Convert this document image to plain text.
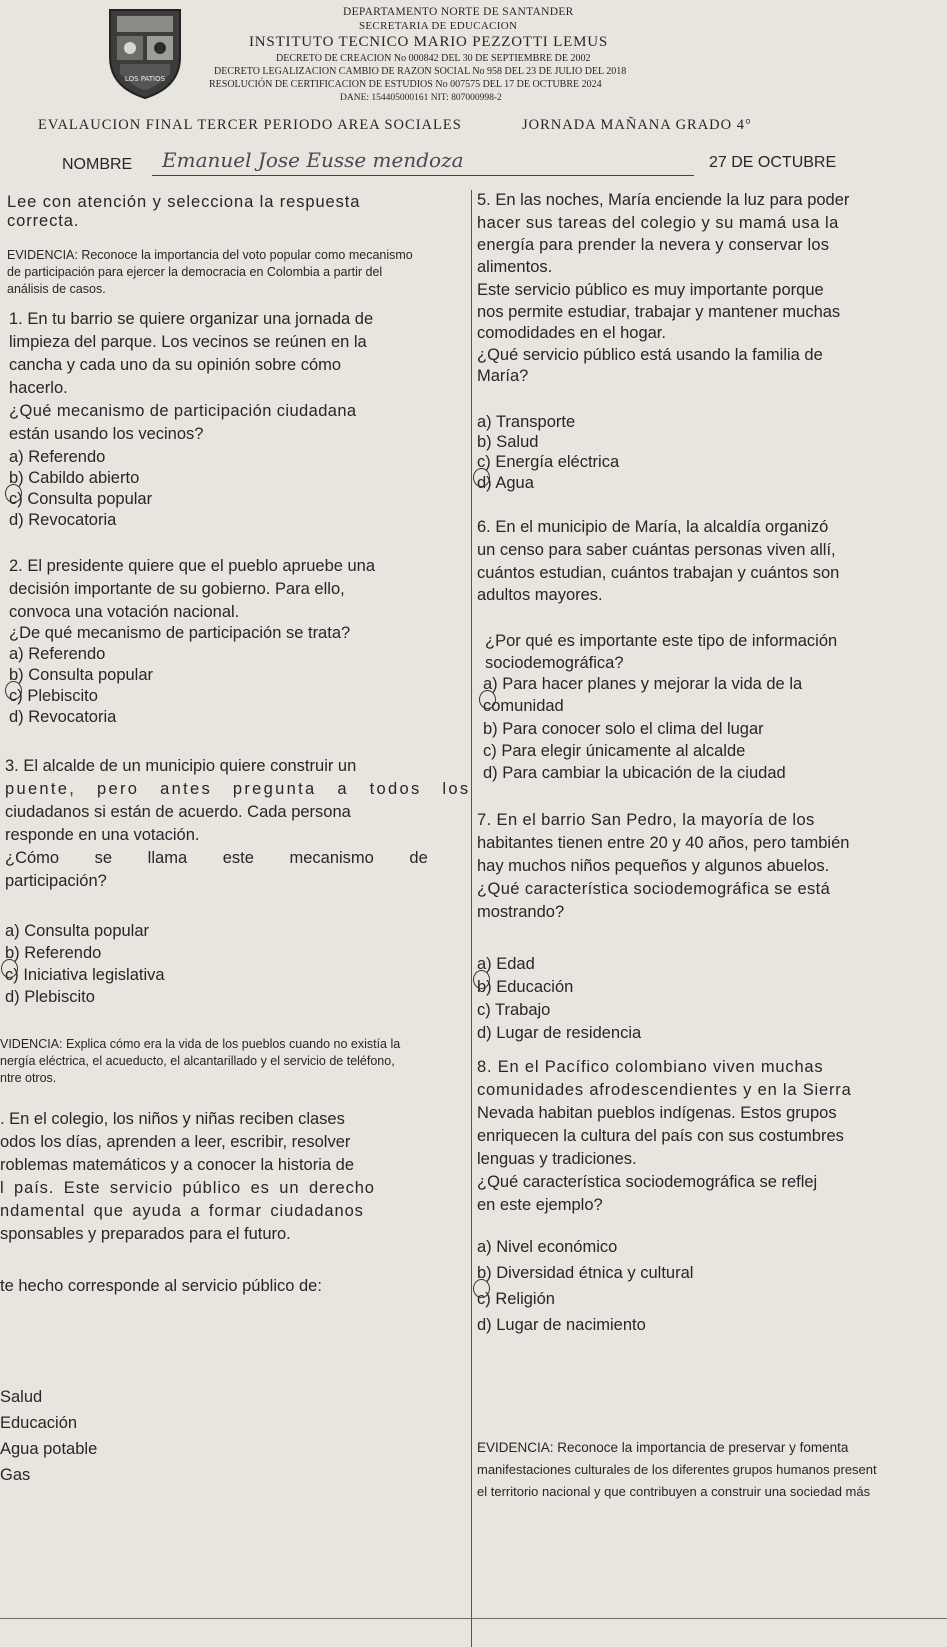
LOS PATIOS
DEPARTAMENTO NORTE DE SANTANDER
SECRETARIA DE EDUCACION
INSTITUTO TECNICO MARIO PEZZOTTI LEMUS
DECRETO DE CREACION No 000842 DEL 30 DE SEPTIEMBRE DE 2002
DECRETO LEGALIZACION CAMBIO DE RAZON SOCIAL No 958 DEL 23 DE JULIO DEL 2018
RESOLUCIÓN DE CERTIFICACION DE ESTUDIOS No 007575 DEL 17 DE OCTUBRE 2024
DANE: 154405000161 NIT: 807000998-2
EVALAUCION FINAL TERCER PERIODO AREA SOCIALES	JORNADA MAÑANA GRADO 4°
NOMBRE Emanuel Jose Eusse mendoza	27 DE OCTUBRE
Lee con atención y selecciona la respuesta
correcta.
EVIDENCIA: Reconoce la importancia del voto popular como mecanismo
de participación para ejercer la democracia en Colombia a partir del
análisis de casos.
1. En tu barrio se quiere organizar una jornada de
limpieza del parque. Los vecinos se reúnen en la
cancha y cada uno da su opinión sobre cómo
hacerlo.
¿Qué mecanismo de participación ciudadana
están usando los vecinos?
a) Referendo
b) Cabildo abierto
c) Consulta popular
d) Revocatoria
2. El presidente quiere que el pueblo apruebe una
decisión importante de su gobierno. Para ello,
convoca una votación nacional.
¿De qué mecanismo de participación se trata?
a) Referendo
b) Consulta popular
c) Plebiscito
d) Revocatoria
3. El alcalde de un municipio quiere construir un
puente, pero antes pregunta a todos los
ciudadanos si están de acuerdo. Cada persona
responde en una votación.
¿Cómo se llama este mecanismo de
participación?
a) Consulta popular
b) Referendo
c) Iniciativa legislativa
d) Plebiscito
VIDENCIA: Explica cómo era la vida de los pueblos cuando no existía la
nergía eléctrica, el acueducto, el alcantarillado y el servicio de teléfono,
ntre otros.
. En el colegio, los niños y niñas reciben clases
odos los días, aprenden a leer, escribir, resolver
roblemas matemáticos y a conocer la historia de
l país. Este servicio público es un derecho
ndamental que ayuda a formar ciudadanos
sponsables y preparados para el futuro.
te hecho corresponde al servicio público de:
Salud
Educación
Agua potable
Gas
5. En las noches, María enciende la luz para poder
hacer sus tareas del colegio y su mamá usa la
energía para prender la nevera y conservar los
alimentos.
Este servicio público es muy importante porque
nos permite estudiar, trabajar y mantener muchas
comodidades en el hogar.
¿Qué servicio público está usando la familia de
María?
a) Transporte
b) Salud
c) Energía eléctrica
d) Agua
6. En el municipio de María, la alcaldía organizó
un censo para saber cuántas personas viven allí,
cuántos estudian, cuántos trabajan y cuántos son
adultos mayores.
¿Por qué es importante este tipo de información
sociodemográfica?
a) Para hacer planes y mejorar la vida de la
comunidad
b) Para conocer solo el clima del lugar
c) Para elegir únicamente al alcalde
d) Para cambiar la ubicación de la ciudad
7. En el barrio San Pedro, la mayoría de los
habitantes tienen entre 20 y 40 años, pero también
hay muchos niños pequeños y algunos abuelos.
¿Qué característica sociodemográfica se está
mostrando?
a) Edad
b) Educación
c) Trabajo
d) Lugar de residencia
8. En el Pacífico colombiano viven muchas
comunidades afrodescendientes y en la Sierra
Nevada habitan pueblos indígenas. Estos grupos
enriquecen la cultura del país con sus costumbres
lenguas y tradiciones.
¿Qué característica sociodemográfica se reflej
en este ejemplo?
a) Nivel económico
b) Diversidad étnica y cultural
c) Religión
d) Lugar de nacimiento
EVIDENCIA: Reconoce la importancia de preservar y fomenta
manifestaciones culturales de los diferentes grupos humanos present
el territorio nacional y que contribuyen a construir una sociedad más
